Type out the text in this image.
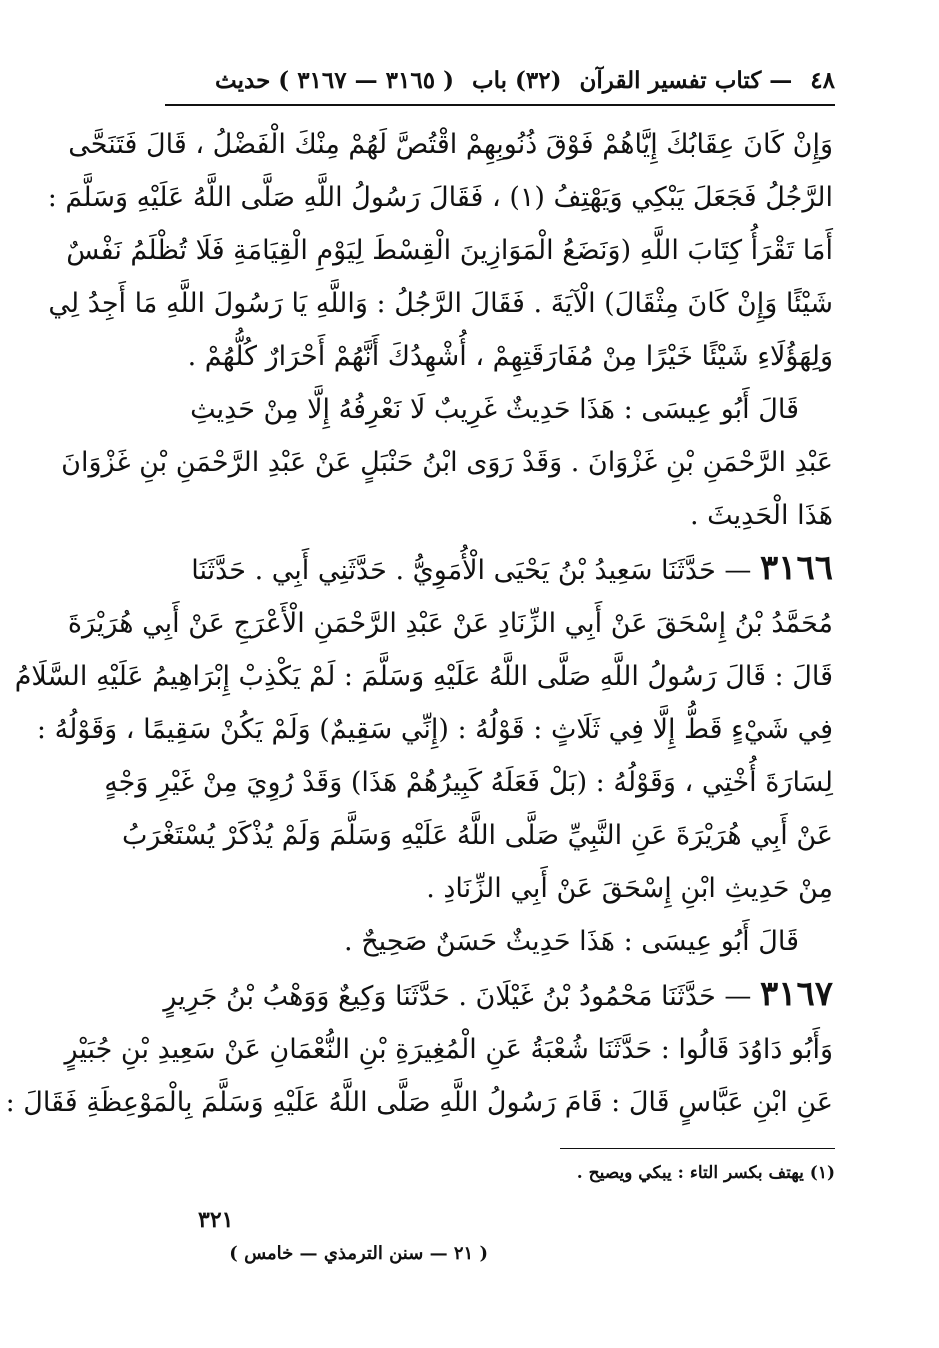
٤٨
— كتاب تفسير القرآن
(٣٢) باب
( ٣١٦٥ — ٣١٦٧ ) حديث

وَإِنْ كَانَ عِقَابُكَ إِيَّاهُمْ فَوْقَ ذُنُوبِهِمْ اقْتُصَّ لَهُمْ مِنْكَ الْفَضْلُ ، قَالَ فَتَنَحَّى
الرَّجُلُ فَجَعَلَ يَبْكِي وَيَهْتِفُ (١) ، فَقَالَ رَسُولُ اللَّهِ صَلَّى اللَّهُ عَلَيْهِ وَسَلَّمَ :
أَمَا تَقْرَأُ كِتَابَ اللَّهِ (وَنَضَعُ الْمَوَازِينَ الْقِسْطَ لِيَوْمِ الْقِيَامَةِ فَلَا تُظْلَمُ نَفْسٌ
شَيْئًا وَإِنْ كَانَ مِثْقَالَ) الْآيَةَ . فَقَالَ الرَّجُلُ : وَاللَّهِ يَا رَسُولَ اللَّهِ مَا أَجِدُ لِي
وَلِهَؤُلَاءِ شَيْئًا خَيْرًا مِنْ مُفَارَقَتِهِمْ ، أُشْهِدُكَ أَنَّهُمْ أَحْرَارٌ كُلُّهُمْ .

قَالَ أَبُو عِيسَى : هَذَا حَدِيثٌ غَرِيبٌ لَا نَعْرِفُهُ إِلَّا مِنْ حَدِيثِ
عَبْدِ الرَّحْمَنِ بْنِ غَزْوَانَ . وَقَدْ رَوَى ابْنُ حَنْبَلٍ عَنْ عَبْدِ الرَّحْمَنِ بْنِ غَزْوَانَ
هَذَا الْحَدِيثَ .

٣١٦٦ — حَدَّثَنَا سَعِيدُ بْنُ يَحْيَى الْأُمَوِيُّ . حَدَّثَنِي أَبِي . حَدَّثَنَا
مُحَمَّدُ بْنُ إِسْحَقَ عَنْ أَبِي الزِّنَادِ عَنْ عَبْدِ الرَّحْمَنِ الْأَعْرَجِ عَنْ أَبِي هُرَيْرَةَ
قَالَ : قَالَ رَسُولُ اللَّهِ صَلَّى اللَّهُ عَلَيْهِ وَسَلَّمَ : لَمْ يَكْذِبْ إِبْرَاهِيمُ عَلَيْهِ السَّلَامُ
فِي شَيْءٍ قَطُّ إِلَّا فِي ثَلَاثٍ : قَوْلُهُ : (إِنِّي سَقِيمٌ) وَلَمْ يَكُنْ سَقِيمًا ، وَقَوْلُهُ :
لِسَارَةَ أُخْتِي ، وَقَوْلُهُ : (بَلْ فَعَلَهُ كَبِيرُهُمْ هَذَا) وَقَدْ رُوِيَ مِنْ غَيْرِ وَجْهٍ
عَنْ أَبِي هُرَيْرَةَ عَنِ النَّبِيِّ صَلَّى اللَّهُ عَلَيْهِ وَسَلَّمَ وَلَمْ يُذْكَرْ يُسْتَغْرَبُ
مِنْ حَدِيثِ ابْنِ إِسْحَقَ عَنْ أَبِي الزِّنَادِ .

قَالَ أَبُو عِيسَى : هَذَا حَدِيثٌ حَسَنٌ صَحِيحٌ .

٣١٦٧ — حَدَّثَنَا مَحْمُودُ بْنُ غَيْلَانَ . حَدَّثَنَا وَكِيعٌ وَوَهْبُ بْنُ جَرِيرٍ
وَأَبُو دَاوُدَ قَالُوا : حَدَّثَنَا شُعْبَةُ عَنِ الْمُغِيرَةِ بْنِ النُّعْمَانِ عَنْ سَعِيدِ بْنِ جُبَيْرٍ
عَنِ ابْنِ عَبَّاسٍ قَالَ : قَامَ رَسُولُ اللَّهِ صَلَّى اللَّهُ عَلَيْهِ وَسَلَّمَ بِالْمَوْعِظَةِ فَقَالَ :

(١) يهتف بكسر التاء : يبكي ويصيح .
٣٢١
( ٢١ — سنن الترمذي — خامس )
